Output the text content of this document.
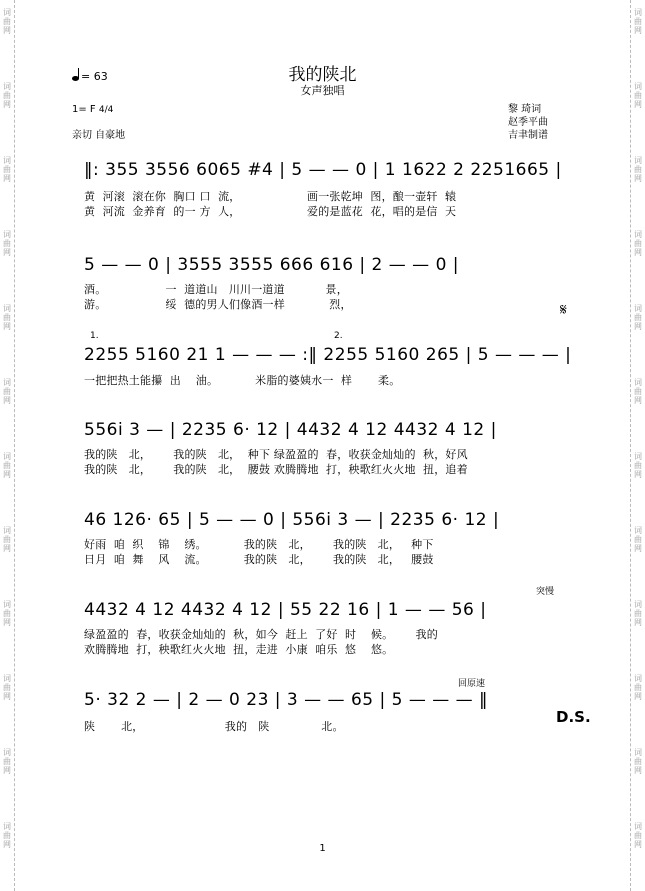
词
曲
网
词
曲
网
词
曲
网
词
曲
网
词
曲
网
词
曲
网
词
曲
网
词
曲
网
词
曲
网
词
曲
网
词
曲
网
词
曲
网
词
曲
网
词
曲
网
词
曲
网
词
曲
网
词
曲
网
词
曲
网
词
曲
网
词
曲
网
词
曲
网
词
曲
网
词
曲
网
词
曲
网
我的陕北
女声独唱
= 63
1= F 4/4
亲切 自豪地
黎 琦词
赵季平曲
吉聿制谱
‖: 355 3556 6065 #4 | 5 — — 0 | 1 1622 2 2251665 |
黄  河滚  滚在你  胸口 口  流，                  画一张乾坤  图，酿一壶轩  辕
黄  河流  金养育  的一 方  人，                  爱的是蓝花  花，唱的是信  天
5 — — 0 | 3555 3555 666 616 | 2 — — 0 |
酒。                一  道道山   川川一道道           景，
游。                绥  德的男人们像酒一样            烈，	𝄋
1.	2.
2255 5160 21 1 — — — :‖ 2255 5160 265 | 5 — — — |
一把把热土能攥  出    油。          米脂的婆姨水一  样       柔。
556i 3 — | 2235 6· 12 | 4432 4 12 4432 4 12 |
我的陕   北，      我的陕   北，  种下 绿盈盈的  春，收获金灿灿的  秋，好风
我的陕   北，      我的陕   北，  腰鼓 欢腾腾地  打，秧歌红火火地  扭，追着
46 126· 65 | 5 — — 0 | 556i 3 — | 2235 6· 12 |
好雨  咱  织    锦    绣。          我的陕   北，      我的陕   北，   种下
日月  咱  舞    风    流。          我的陕   北，      我的陕   北，   腰鼓
突慢
4432 4 12 4432 4 12 | 55 22 16 | 1 — — 56 |
绿盈盈的  春，收获金灿灿的  秋，如今  赶上  了好  时    候。      我的
欢腾腾地  打，秧歌红火火地  扭，走进  小康  咱乐  悠    悠。
回原速
5· 32 2 — | 2 — 0 23 | 3 — — 65 | 5 — — — ‖
陕       北，                      我的   陕              北。
D.S.
1
